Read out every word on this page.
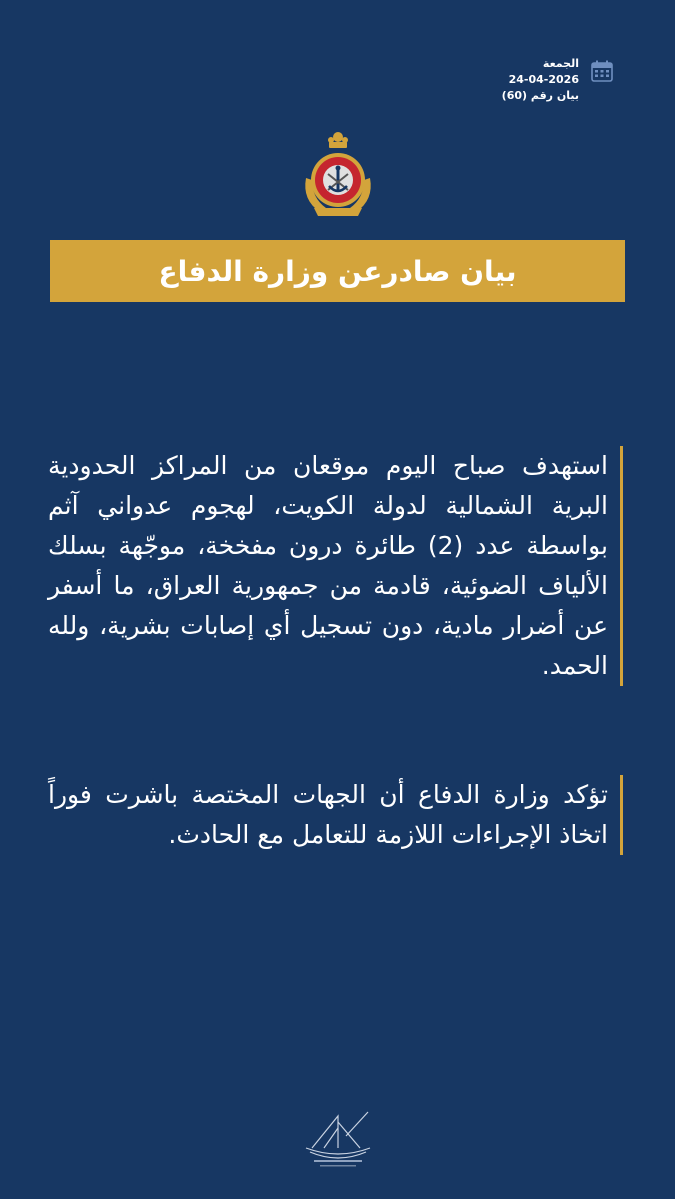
الجمعة
24-04-2026
بيان رقم (60)
بيان صادرعن وزارة الدفاع

استهدف صباح اليوم موقعان من المراكز الحدودية البرية الشمالية لدولة الكويت، لهجوم عدواني آثم بواسطة عدد (2) طائرة درون مفخخة، موجّهة بسلك الألياف الضوئية، قادمة من جمهورية العراق، ما أسفر عن أضرار مادية، دون تسجيل أي إصابات بشرية، ولله الحمد.

تؤكد وزارة الدفاع أن الجهات المختصة باشرت فوراً اتخاذ الإجراءات اللازمة للتعامل مع الحادث.
